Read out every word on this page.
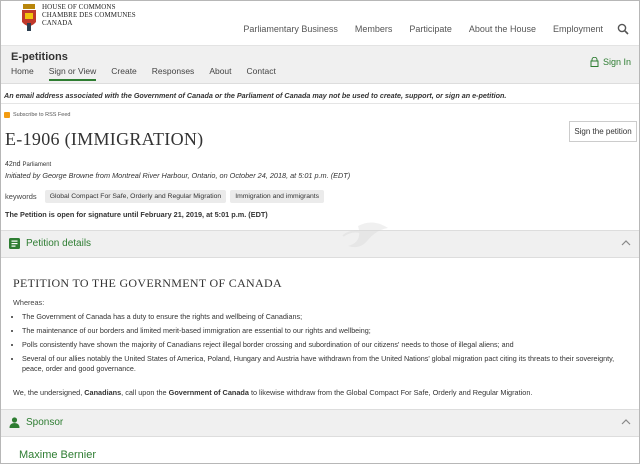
HOUSE OF COMMONS
CHAMBRE DES COMMUNES
CANADA
Parliamentary Business Members Participate About the House Employment
E-petitions
Home Sign or View Create Responses About Contact
Sign In
An email address associated with the Government of Canada or the Parliament of Canada may not be used to create, support, or sign an e-petition.
Subscribe to RSS Feed
Sign the petition
E-1906 (IMMIGRATION)
42nd Parliament
Initiated by George Browne from Montreal River Harbour, Ontario, on October 24, 2018, at 5:01 p.m. (EDT)
keywords	Global Compact For Safe, Orderly and Regular Migration	Immigration and immigrants
The Petition is open for signature until February 21, 2019, at 5:01 p.m. (EDT)
Petition details
PETITION TO THE GOVERNMENT OF CANADA
Whereas:
• The Government of Canada has a duty to ensure the rights and wellbeing of Canadians;
• The maintenance of our borders and limited merit-based immigration are essential to our rights and wellbeing;
• Polls consistently have shown the majority of Canadians reject illegal border crossing and subordination of our citizens' needs to those of illegal aliens; and
• Several of our allies notably the United States of America, Poland, Hungary and Austria have withdrawn from the United Nations' global migration pact citing its threats to their sovereignty, peace, order and good governance.
We, the undersigned, Canadians, call upon the Government of Canada to likewise withdraw from the Global Compact For Safe, Orderly and Regular Migration.
Sponsor
Maxime Bernier
